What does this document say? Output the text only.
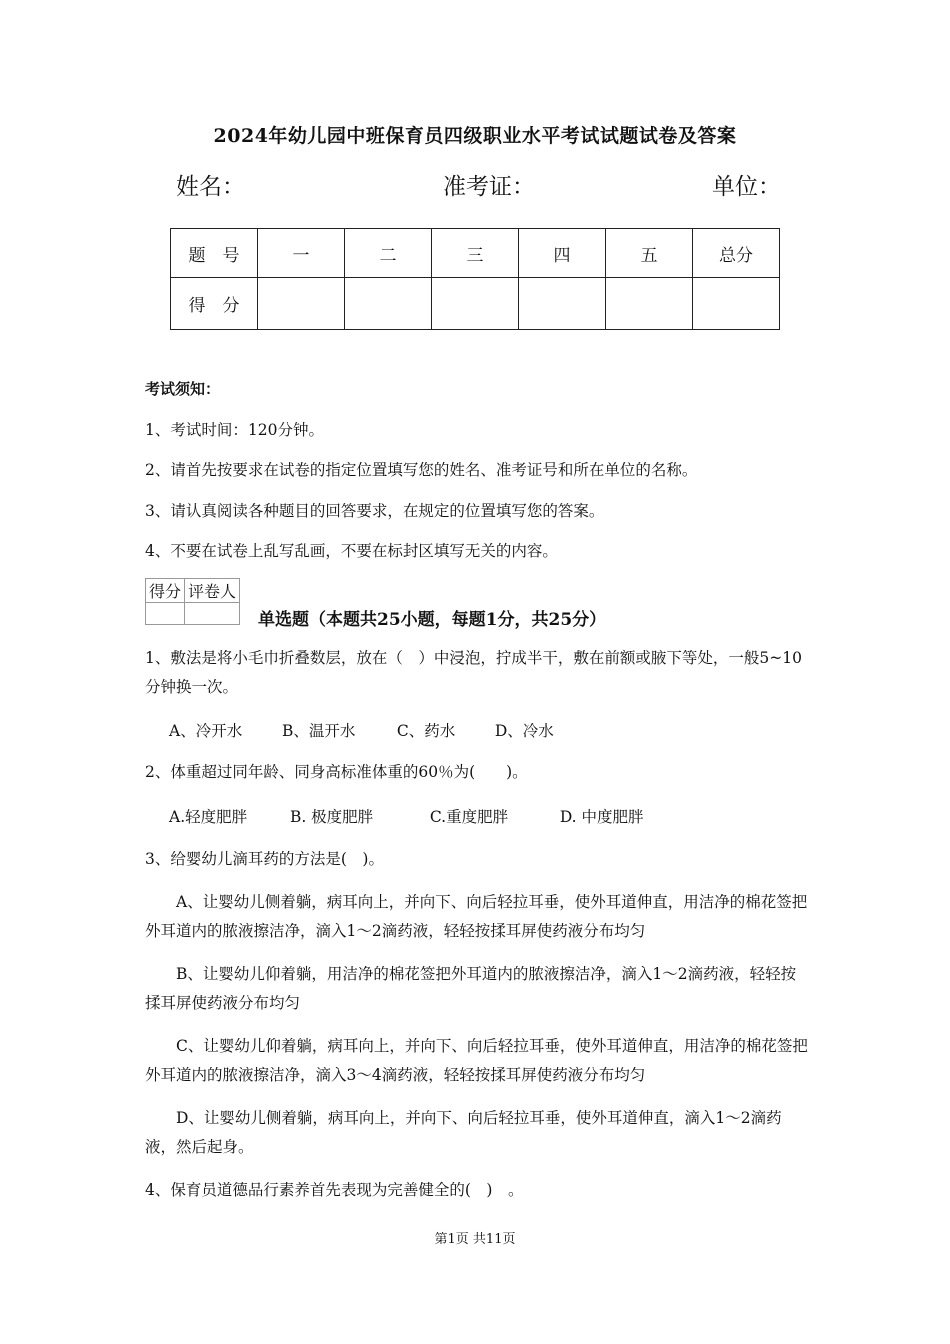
2024年幼儿园中班保育员四级职业水平考试试题试卷及答案
姓名：	准考证：	单位：
题　号	一	二	三	四	五	总分
得　分						
考试须知：
1、考试时间：120分钟。
2、请首先按要求在试卷的指定位置填写您的姓名、准考证号和所在单位的名称。
3、请认真阅读各种题目的回答要求，在规定的位置填写您的答案。
4、不要在试卷上乱写乱画，不要在标封区填写无关的内容。
得分	评卷人

单选题（本题共25小题，每题1分，共25分）
1、敷法是将小毛巾折叠数层，放在（　）中浸泡，拧成半干，敷在前额或腋下等处，一般5~10分钟换一次。
A、冷开水	B、温开水	C、药水	D、冷水
2、体重超过同年龄、同身高标准体重的60％为(　　)。
A.轻度肥胖	B. 极度肥胖	C.重度肥胖	D. 中度肥胖
3、给婴幼儿滴耳药的方法是(　)。
A、让婴幼儿侧着躺，病耳向上，并向下、向后轻拉耳垂，使外耳道伸直，用洁净的棉花签把外耳道内的脓液擦洁净，滴入1～2滴药液，轻轻按揉耳屏使药液分布均匀
B、让婴幼儿仰着躺，用洁净的棉花签把外耳道内的脓液擦洁净，滴入1～2滴药液，轻轻按揉耳屏使药液分布均匀
C、让婴幼儿仰着躺，病耳向上，并向下、向后轻拉耳垂，使外耳道伸直，用洁净的棉花签把外耳道内的脓液擦洁净，滴入3～4滴药液，轻轻按揉耳屏使药液分布均匀
D、让婴幼儿侧着躺，病耳向上，并向下、向后轻拉耳垂，使外耳道伸直，滴入1～2滴药液，然后起身。
4、保育员道德品行素养首先表现为完善健全的(　)　。
第1页 共11页
